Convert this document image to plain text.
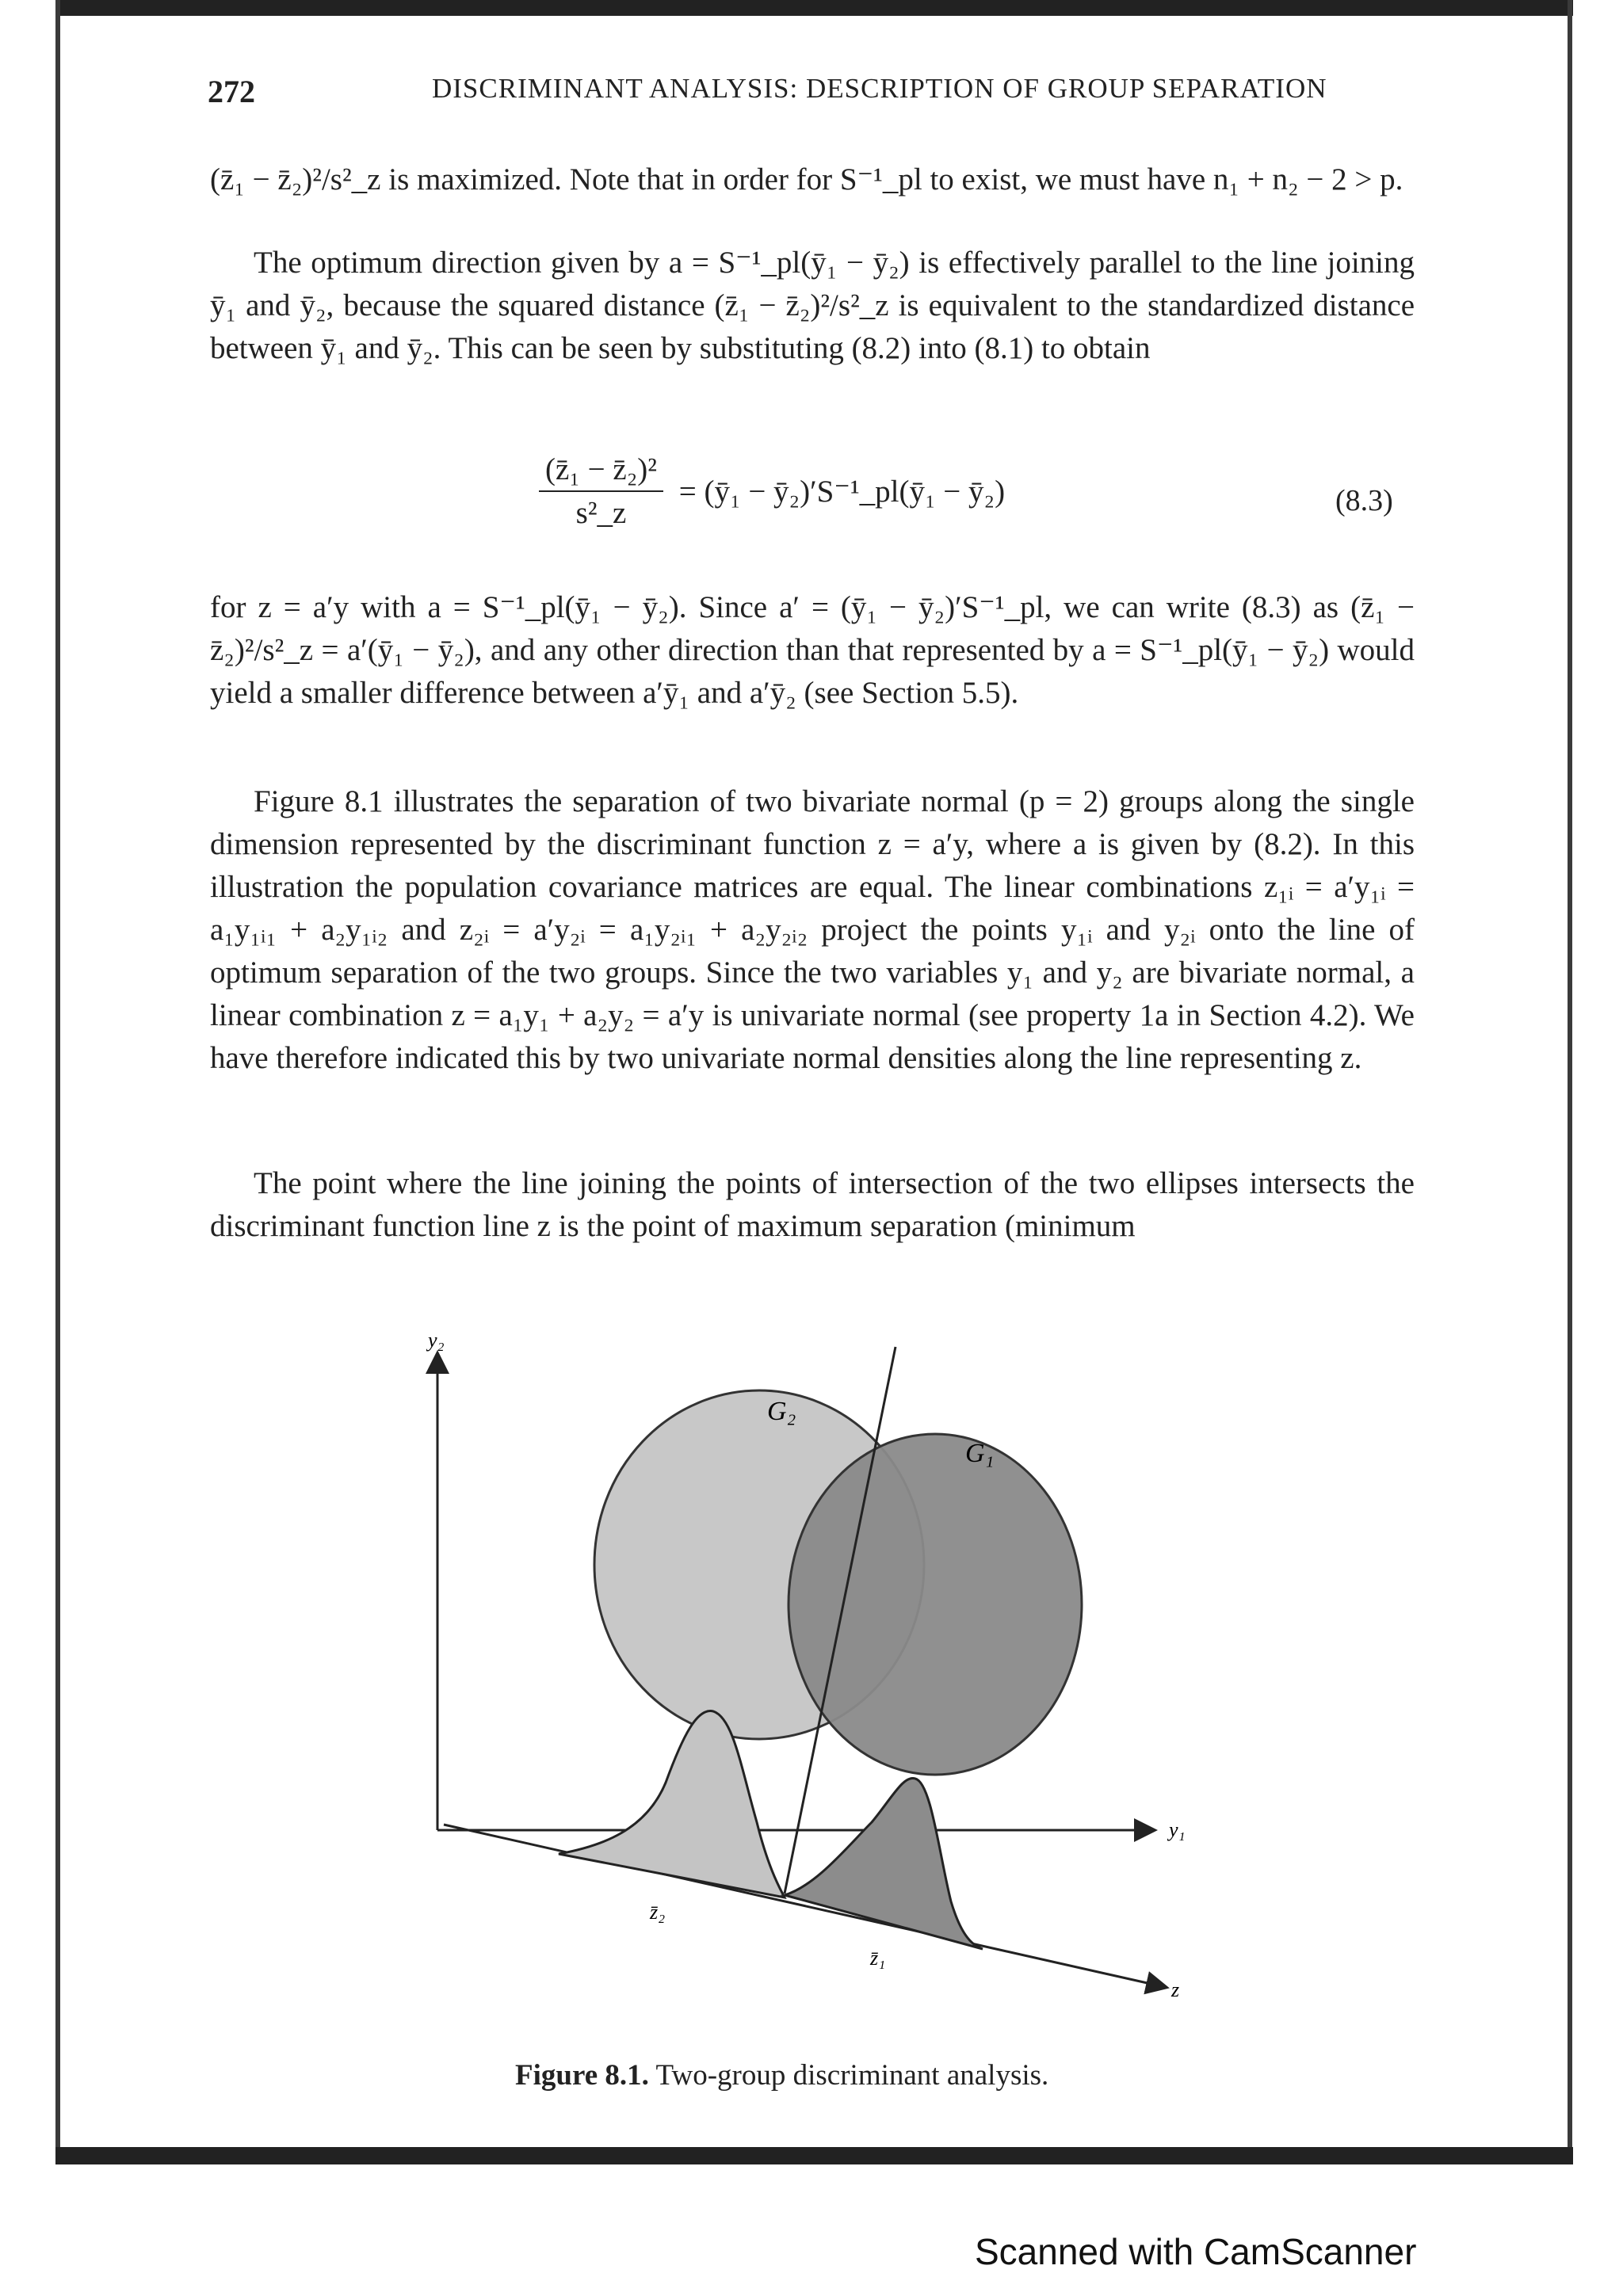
272	DISCRIMINANT ANALYSIS: DESCRIPTION OF GROUP SEPARATION
(z̄₁ − z̄₂)²/s²_z is maximized. Note that in order for S⁻¹_pl to exist, we must have n₁ + n₂ − 2 > p.
The optimum direction given by a = S⁻¹_pl(ȳ₁ − ȳ₂) is effectively parallel to the line joining ȳ₁ and ȳ₂, because the squared distance (z̄₁ − z̄₂)²/s²_z is equivalent to the standardized distance between ȳ₁ and ȳ₂. This can be seen by substituting (8.2) into (8.1) to obtain
$\frac{\text{(z̄₁ − z̄₂)²}}{\text{s²\_z}}$ = (ȳ₁ − ȳ₂)′S⁻¹_pl(ȳ₁ − ȳ₂)	(8.3)
for z = a′y with a = S⁻¹_pl(ȳ₁ − ȳ₂). Since a′ = (ȳ₁ − ȳ₂)′S⁻¹_pl, we can write (8.3) as (z̄₁ − z̄₂)²/s²_z = a′(ȳ₁ − ȳ₂), and any other direction than that represented by a = S⁻¹_pl(ȳ₁ − ȳ₂) would yield a smaller difference between a′ȳ₁ and a′ȳ₂ (see Section 5.5).
Figure 8.1 illustrates the separation of two bivariate normal (p = 2) groups along the single dimension represented by the discriminant function z = a′y, where a is given by (8.2). In this illustration the population covariance matrices are equal. The linear combinations z₁ᵢ = a′y₁ᵢ = a₁y₁ᵢ₁ + a₂y₁ᵢ₂ and z₂ᵢ = a′y₂ᵢ = a₁y₂ᵢ₁ + a₂y₂ᵢ₂ project the points y₁ᵢ and y₂ᵢ onto the line of optimum separation of the two groups. Since the two variables y₁ and y₂ are bivariate normal, a linear combination z = a₁y₁ + a₂y₂ = a′y is univariate normal (see property 1a in Section 4.2). We have therefore indicated this by two univariate normal densities along the line representing z.
The point where the line joining the points of intersection of the two ellipses intersects the discriminant function line z is the point of maximum separation (minimum
y₂
G₂
G₁
y₁
z̄₂
z̄₁
z
Figure 8.1. Two-group discriminant analysis.
Scanned with CamScanner
